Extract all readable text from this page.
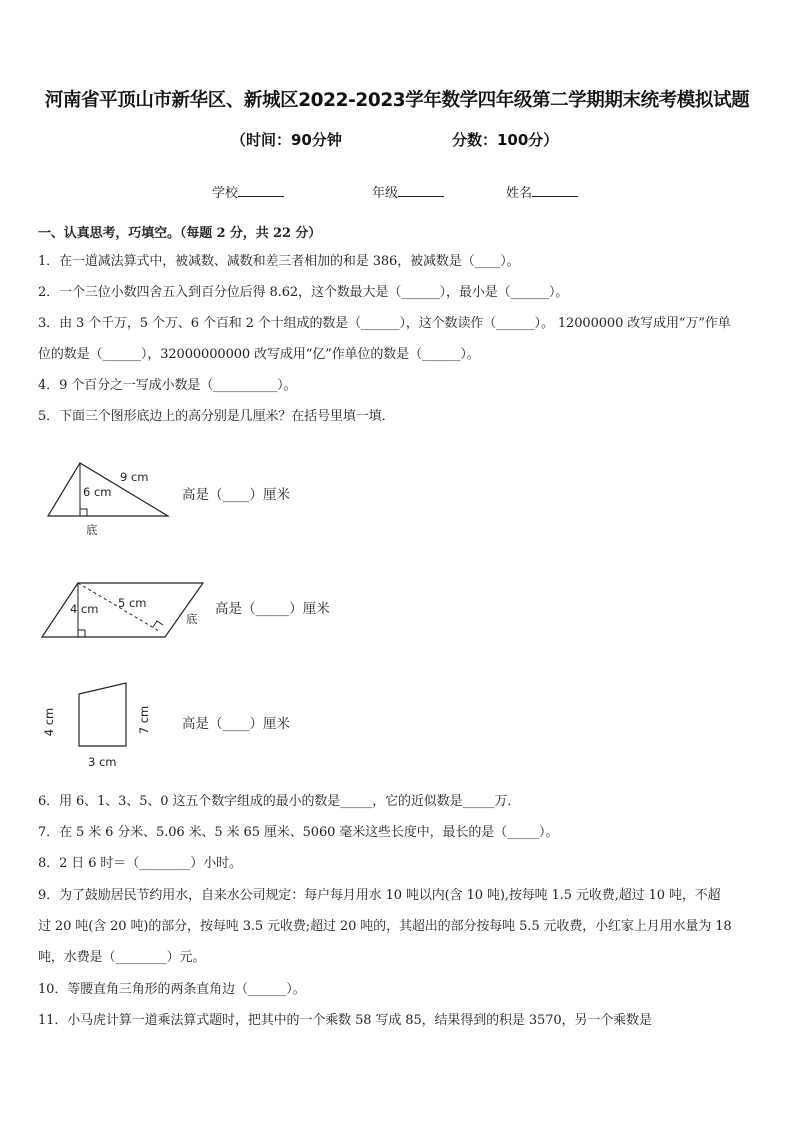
河南省平顶山市新华区、新城区2022-2023学年数学四年级第二学期期末统考模拟试题
（时间：90分钟	分数：100分）
学校	年级	姓名
一、认真思考，巧填空。（每题 2 分，共 22 分）
1．在一道减法算式中，被减数、减数和差三者相加的和是 386，被减数是（____）。
2．一个三位小数四舍五入到百分位后得 8.62，这个数最大是（______），最小是（______）。
3．由 3 个千万，5 个万、6 个百和 2 个十组成的数是（______），这个数读作（______）。 12000000 改写成用“万”作单
位的数是（______），32000000000 改写成用“亿”作单位的数是（______）。
4．9 个百分之一写成小数是（__________）。
5．下面三个图形底边上的高分别是几厘米？在括号里填一填．
9 cm
6 cm
底
高是（____）厘米
4 cm 5 cm
底
高是（_____）厘米
4 cm	7 cm
3 cm
高是（____）厘米
6．用 6、1、3、5、0 这五个数字组成的最小的数是_____，它的近似数是_____万．
7．在 5 米 6 分米、5.06 米、5 米 65 厘米、5060 毫米这些长度中，最长的是（_____）。
8．2 日 6 时＝（________）小时。
9．为了鼓励居民节约用水，自来水公司规定：每户每月用水 10 吨以内(含 10 吨),按每吨 1.5 元收费,超过 10 吨，不超
过 20 吨(含 20 吨)的部分，按每吨 3.5 元收费;超过 20 吨的，其超出的部分按每吨 5.5 元收费，小红家上月用水量为 18
吨，水费是（________）元。
10．等腰直角三角形的两条直角边（______）。
11．小马虎计算一道乘法算式题时，把其中的一个乘数 58 写成 85，结果得到的积是 3570，另一个乘数是
